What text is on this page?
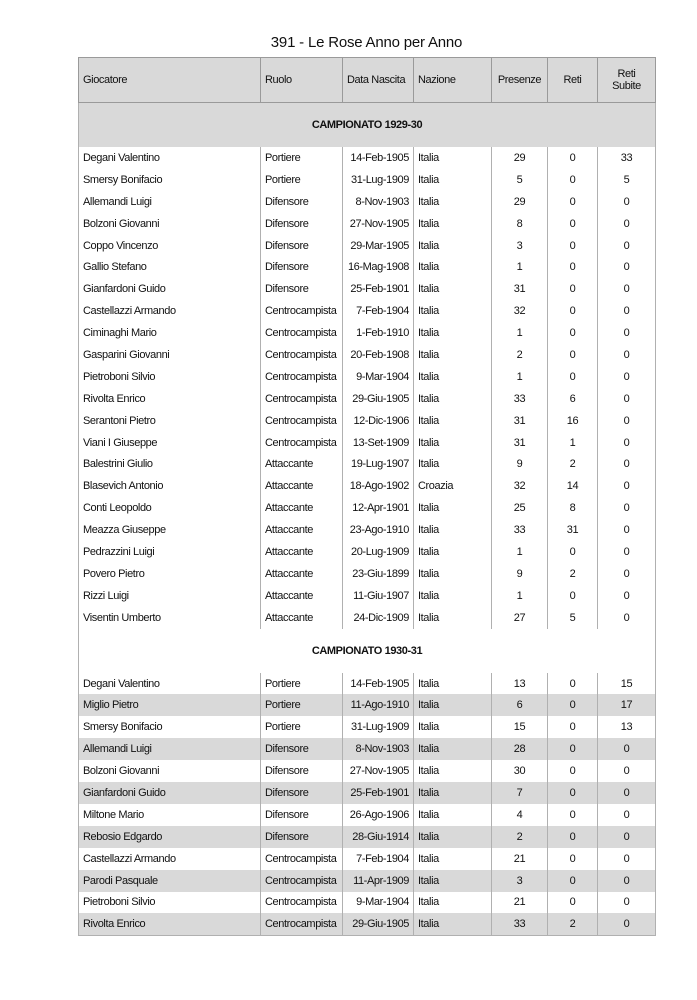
391 - Le Rose Anno per Anno
Giocatore	Ruolo	Data Nascita	Nazione	Presenze	Reti	Reti Subite
CAMPIONATO 1929-30						
Degani Valentino	Portiere	14-Feb-1905	Italia	29	0	33
Smersy Bonifacio	Portiere	31-Lug-1909	Italia	5	0	5
Allemandi Luigi	Difensore	8-Nov-1903	Italia	29	0	0
Bolzoni Giovanni	Difensore	27-Nov-1905	Italia	8	0	0
Coppo Vincenzo	Difensore	29-Mar-1905	Italia	3	0	0
Gallio Stefano	Difensore	16-Mag-1908	Italia	1	0	0
Gianfardoni Guido	Difensore	25-Feb-1901	Italia	31	0	0
Castellazzi Armando	Centrocampista	7-Feb-1904	Italia	32	0	0
Ciminaghi Mario	Centrocampista	1-Feb-1910	Italia	1	0	0
Gasparini Giovanni	Centrocampista	20-Feb-1908	Italia	2	0	0
Pietroboni Silvio	Centrocampista	9-Mar-1904	Italia	1	0	0
Rivolta Enrico	Centrocampista	29-Giu-1905	Italia	33	6	0
Serantoni Pietro	Centrocampista	12-Dic-1906	Italia	31	16	0
Viani I Giuseppe	Centrocampista	13-Set-1909	Italia	31	1	0
Balestrini Giulio	Attaccante	19-Lug-1907	Italia	9	2	0
Blasevich Antonio	Attaccante	18-Ago-1902	Croazia	32	14	0
Conti Leopoldo	Attaccante	12-Apr-1901	Italia	25	8	0
Meazza Giuseppe	Attaccante	23-Ago-1910	Italia	33	31	0
Pedrazzini Luigi	Attaccante	20-Lug-1909	Italia	1	0	0
Povero Pietro	Attaccante	23-Giu-1899	Italia	9	2	0
Rizzi Luigi	Attaccante	11-Giu-1907	Italia	1	0	0
Visentin Umberto	Attaccante	24-Dic-1909	Italia	27	5	0
CAMPIONATO 1930-31						
Degani Valentino	Portiere	14-Feb-1905	Italia	13	0	15
Miglio Pietro	Portiere	11-Ago-1910	Italia	6	0	17
Smersy Bonifacio	Portiere	31-Lug-1909	Italia	15	0	13
Allemandi Luigi	Difensore	8-Nov-1903	Italia	28	0	0
Bolzoni Giovanni	Difensore	27-Nov-1905	Italia	30	0	0
Gianfardoni Guido	Difensore	25-Feb-1901	Italia	7	0	0
Miltone Mario	Difensore	26-Ago-1906	Italia	4	0	0
Rebosio Edgardo	Difensore	28-Giu-1914	Italia	2	0	0
Castellazzi Armando	Centrocampista	7-Feb-1904	Italia	21	0	0
Parodi Pasquale	Centrocampista	11-Apr-1909	Italia	3	0	0
Pietroboni Silvio	Centrocampista	9-Mar-1904	Italia	21	0	0
Rivolta Enrico	Centrocampista	29-Giu-1905	Italia	33	2	0
